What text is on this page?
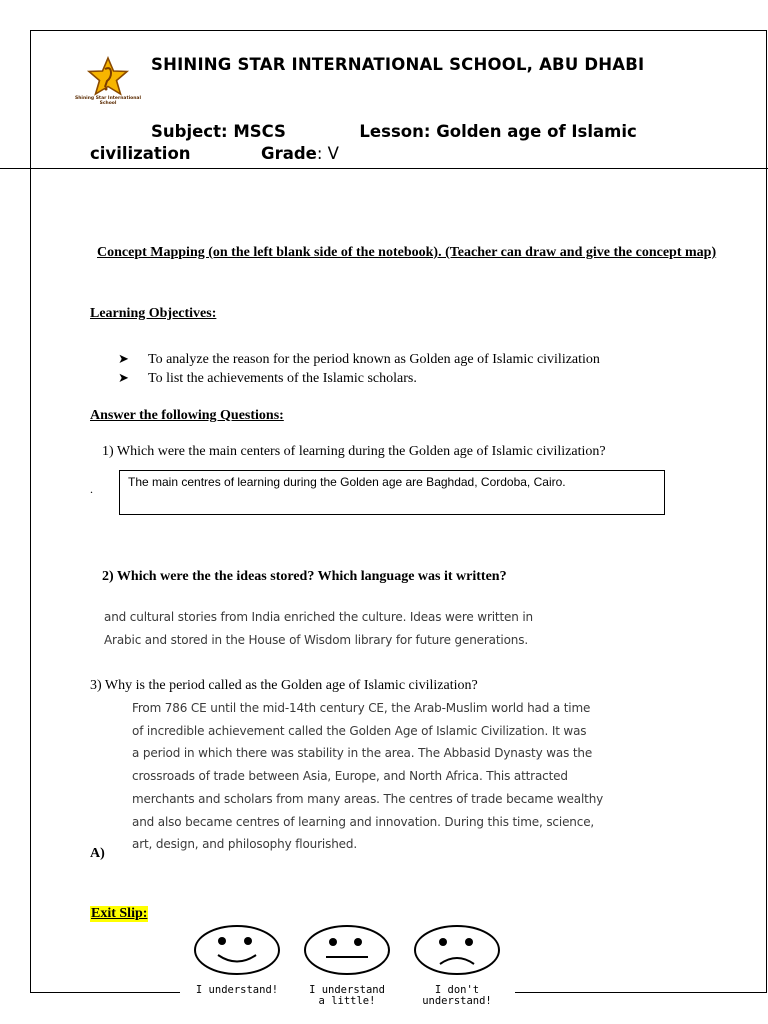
Shining Star International School
SHINING STAR INTERNATIONAL SCHOOL, ABU DHABI
Subject: MSCS	Lesson: Golden age of Islamic
civilization	Grade: V
Concept Mapping (on the left blank side of the notebook). (Teacher can draw and give the concept map)
Learning Objectives:
➤ To analyze the reason for the period known as Golden age of Islamic civilization
➤ To list the achievements of the Islamic scholars.
Answer the following Questions:
1) Which were the main centers of learning during the Golden age of Islamic civilization?
.	The main centres of learning during the Golden age are Baghdad, Cordoba, Cairo.
2) Which were the the ideas stored? Which language was it written?
and cultural stories from India enriched the culture. Ideas were written in
Arabic and stored in the House of Wisdom library for future generations.
3) Why is the period called as the Golden age of Islamic civilization?
From 786 CE until the mid-14th century CE, the Arab-Muslim world had a time
of incredible achievement called the Golden Age of Islamic Civilization. It was
a period in which there was stability in the area. The Abbasid Dynasty was the
crossroads of trade between Asia, Europe, and North Africa. This attracted
merchants and scholars from many areas. The centres of trade became wealthy
and also became centres of learning and innovation. During this time, science,
art, design, and philosophy flourished.
A)
Exit Slip:
I understand!	I understand
a little!
I don't
understand!
